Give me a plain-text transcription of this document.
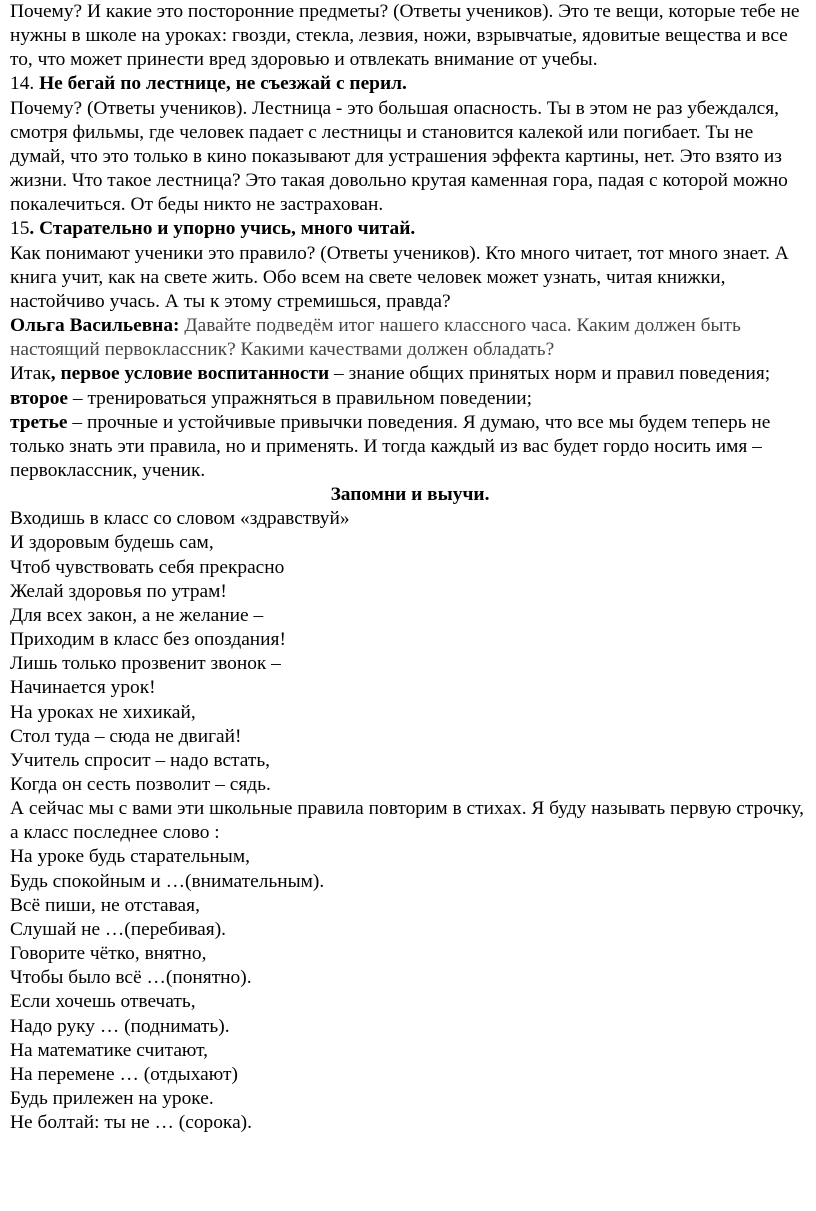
Почему? И какие это посторонние предметы? (Ответы учеников). Это те вещи, которые тебе не нужны в школе на уроках: гвозди, стекла, лезвия, ножи, взрывчатые, ядовитые вещества и все то, что может принести вред здоровью и отвлекать внимание от учебы.

14. Не бегай по лестнице, не съезжай с перил.

Почему? (Ответы учеников). Лестница - это большая опасность. Ты в этом не раз убеждался, смотря фильмы, где человек падает с лестницы и становится калекой или погибает. Ты не думай, что это только в кино показывают для устрашения эффекта картины, нет. Это взято из жизни. Что такое лестница? Это такая довольно крутая каменная гора, падая с которой можно покалечиться. От беды никто не застрахован.

15. Старательно и упорно учись, много читай.

Как понимают ученики это правило? (Ответы учеников). Кто много читает, тот много знает. А книга учит, как на свете жить. Обо всем на свете человек может узнать, читая книжки, настойчиво учась. А ты к этому стремишься, правда?

Ольга Васильевна: Давайте подведём итог нашего классного часа. Каким должен быть настоящий первоклассник? Какими качествами должен обладать?

Итак, первое условие воспитанности – знание общих принятых норм и правил поведения;

второе – тренироваться упражняться в правильном поведении;

третье – прочные и устойчивые привычки поведения. Я думаю, что все мы будем теперь не только знать эти правила, но и применять. И тогда каждый из вас будет гордо носить имя – первоклассник, ученик.

Запомни и выучи.

Входишь в класс со словом «здравствуй»
И здоровым будешь сам,
Чтоб чувствовать себя прекрасно
Желай здоровья по утрам!
Для всех закон, а не желание –
Приходим в класс без опоздания!
Лишь только прозвенит звонок –
Начинается урок!
На уроках не хихикай,
Стол туда – сюда не двигай!
Учитель спросит – надо встать,
Когда он сесть позволит – сядь.

А сейчас мы с вами эти школьные правила повторим в стихах. Я буду называть первую строчку, а класс последнее слово :

На уроке будь старательным,
Будь спокойным и …(внимательным).
Всё пиши, не отставая,
Слушай не …(перебивая).
Говорите чётко, внятно,
Чтобы было всё …(понятно).
Если хочешь отвечать,
Надо руку … (поднимать).
На математике считают,
На перемене … (отдыхают)
Будь прилежен на уроке.
Не болтай: ты не … (сорока).
